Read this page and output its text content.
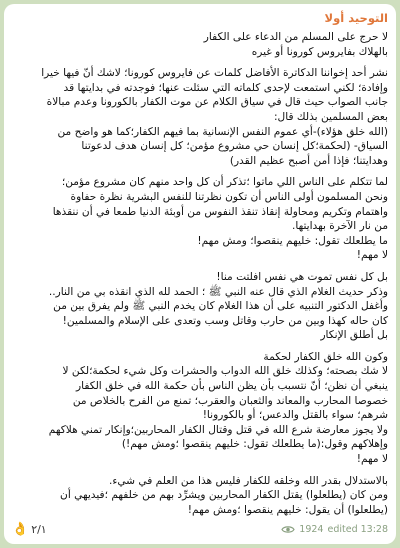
التوحيد أولا
لا حرج على المسلم من الدعاء على الكفار
بالهلاك بفايروس كورونا أو غيره
نشر أحد إخواننا الدكاترة الأفاضل كلمات عن فايروس كورونا؛ لاشك أنّ فيها خيرا
وإفادة؛ لكني استمعت لإحدى كلماته التي سئلت عنها؛ فوجدته في بدايتها قد
جانب الصواب حيث قال في سياق الكلام عن موت الكفار بالكورونا وعدم مبالاة
بعض المسلمين بذلك قال:
(الله خلق هؤلاء)-أي عموم النفس الإنسانية بما فيهم الكفار؛كما هو واضح من
السياق- (لحكمة؛كل إنسان حي مشروع مؤمن؛ كل إنسان هدف لدعوتنا
وهدايتنا؛ فإذا أمن أصبح عظيم القدر)
لما تتكلم على الناس اللي ماتوا ؛تذكر أن كل واحد منهم كان مشروع مؤمن؛
ونحن المسلمون أولى الناس أن تكون نظرتنا للنفس البشرية نظرة حفاوة
واهتمام وتكريم ومحاولة إنقاذ تنقذ النفوس من أوبئة الدنيا طمعا في أن ننقذها
من نار الآخرة بهدايتها.
ما يطلعلك تقول: خليهم ينقصوا؛ ومش مهم!
لا مهم!
بل كل نفس تموت هي نفس افلتت منا!
وذكر حديث الغلام الذي قال عنه النبي ﷺ ؛ الحمد لله الذي انقذه بي من النار..
وأغفل الدكتور التنبيه على أن هذا الغلام كان يخدم النبي ﷺ ولم يفرق بين من
كان حاله كهذا وبين من حارب وقاتل وسب وتعدى على الإسلام والمسلمين!
بل أطلق الإنكار
وكون الله خلق الكفار لحكمة
لا شك بصحته؛ وكذلك خلق الله الدواب والحشرات وكل شيء لحكمة؛لكن لا
ينبغي أن نظن؛ أنّ نتسبب بأن يظن الناس بأن حكمة الله في خلق الكفار
خصوصا المحارب والمعاند والثعبان والعقرب؛ تمنع من الفرح بالخلاص من
شرهم؛ سواء بالقتل والدعس؛ أو بالكورونا!
ولا يجوز معارضة شرع الله في قتل وقتال الكفار المحاربين؛وإنكار تمني هلاكهم
وإهلاكهم وقول:(ما يطلعلك تقول: خليهم ينقصوا ؛ومش مهم!)
لا مهم!
بالاستدلال بقدر الله وخلقه للكفار فليس هذا من العلم في شيء.
ومن كان (يطلعلوا) يقتل الكفار المحاربين ويشرِّد بهم من خلفهم ؛فيديهي أن
(يطلعلوا) أن يقول: خليهم ينقصوا ؛ومش مهم!
👌 ٢/١	1924 edited 13:28
